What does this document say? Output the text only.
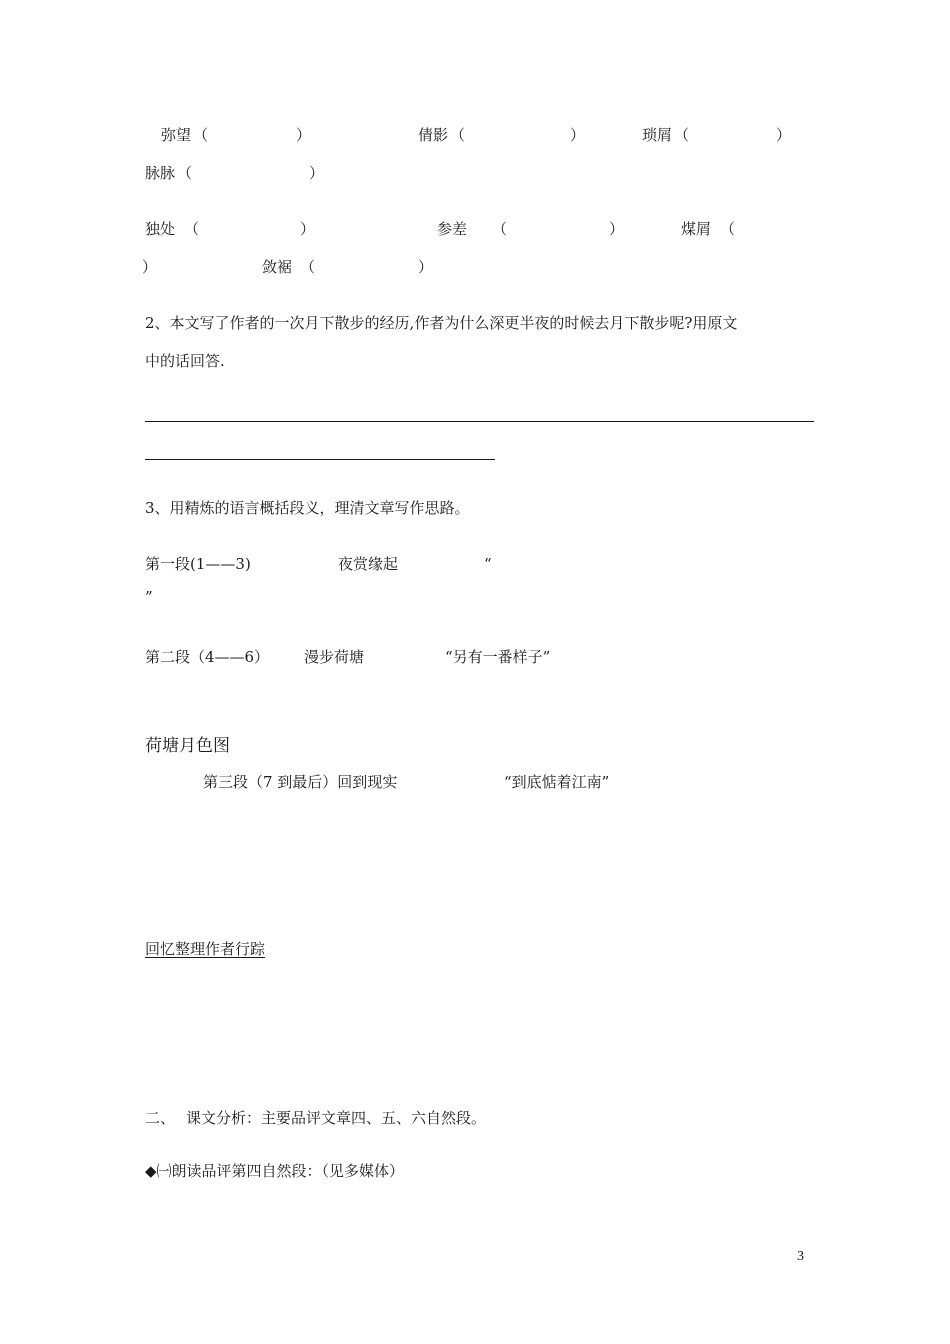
弥望 （	）	倩影 （	）	琐屑 （	）
脉脉 （	）
独处 （	）	参差 （	）	煤屑 （
）	敛裾 （	）
2、本文写了作者的一次月下散步的经历,作者为什么深更半夜的时候去月下散步呢?用原文
中的话回答.
3、用精炼的语言概括段义，理清文章写作思路。
第一段(1——3)	夜赏缘起	“
”
第二段（4——6） 漫步荷塘	“另有一番样子”
荷塘月色图
第三段（7 到最后）回到现实	“到底惦着江南”
回忆整理作者行踪
二、 课文分析：主要品评文章四、五、六自然段。
◆㈠朗读品评第四自然段：（见多媒体）
3
